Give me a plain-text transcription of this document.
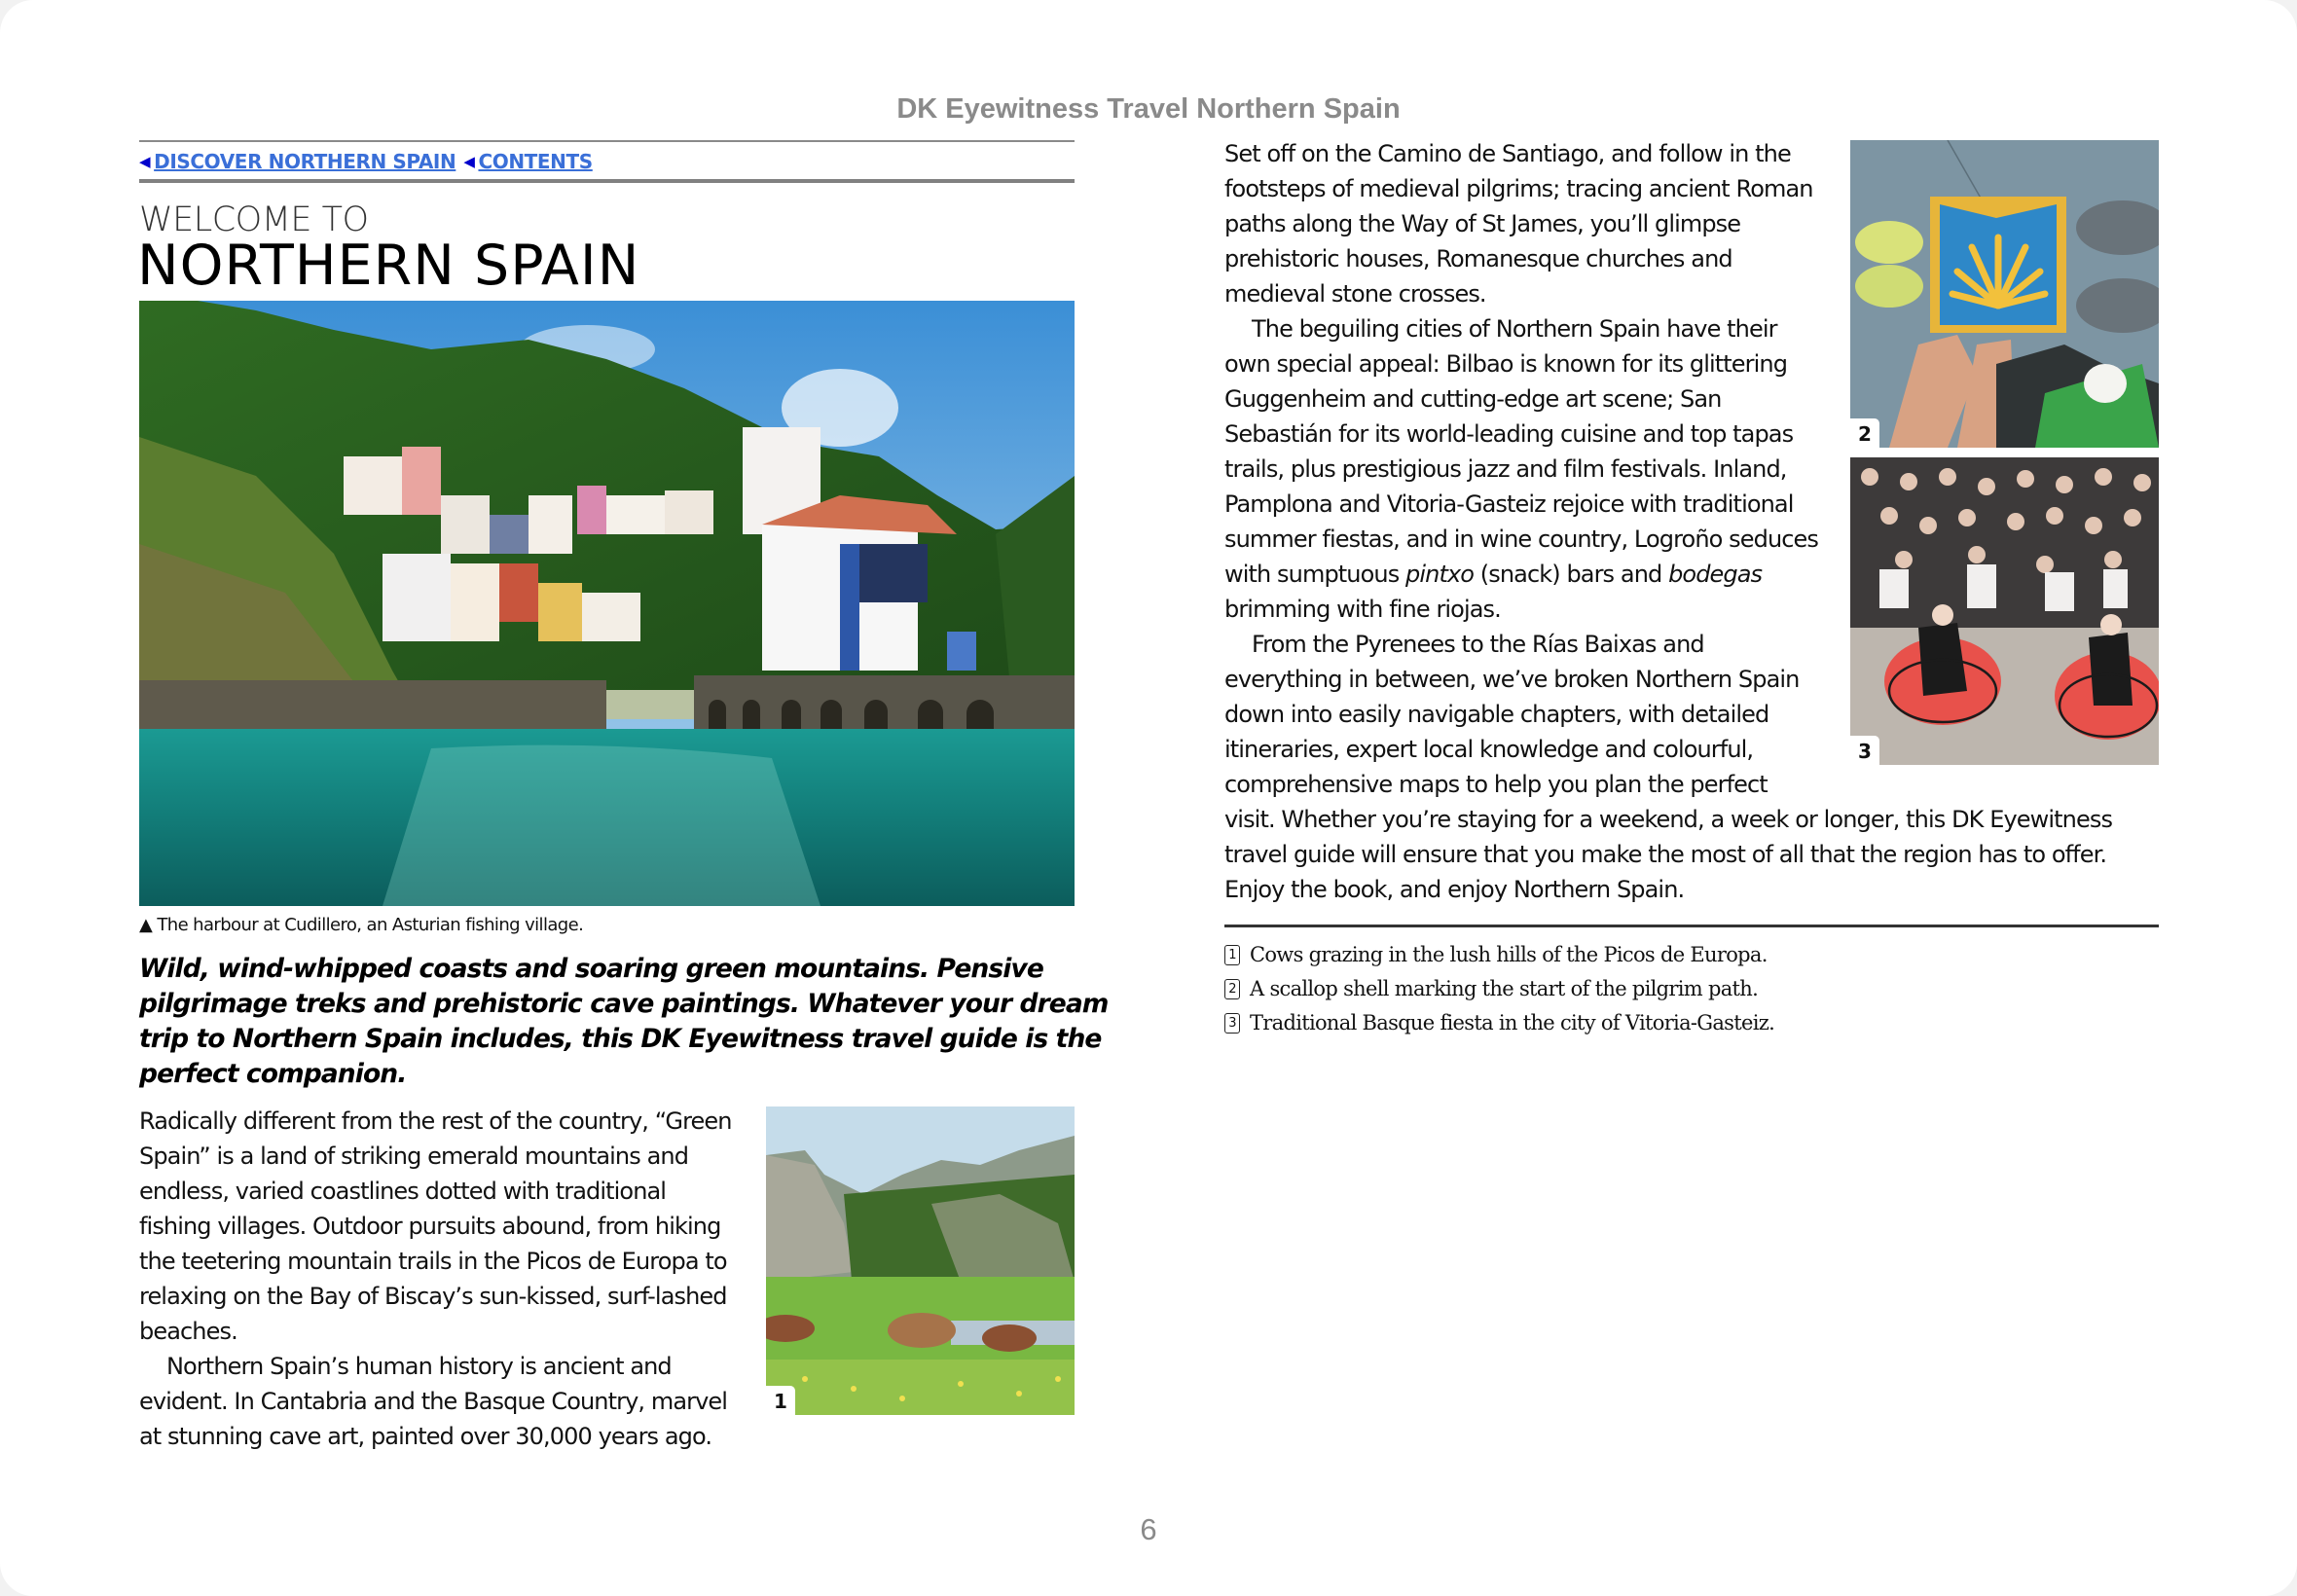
DK Eyewitness Travel Northern Spain
◀ DISCOVER NORTHERN SPAIN ◀ CONTENTS
WELCOME TO
NORTHERN SPAIN
▲ The harbour at Cudillero, an Asturian fishing village.
Wild, wind-whipped coasts and soaring green mountains. Pensive
pilgrimage treks and prehistoric cave paintings. Whatever your dream
trip to Northern Spain includes, this DK Eyewitness travel guide is the
perfect companion.
Radically different from the rest of the country, “Green
Spain” is a land of striking emerald mountains and
endless, varied coastlines dotted with traditional
fishing villages. Outdoor pursuits abound, from hiking
the teetering mountain trails in the Picos de Europa to
relaxing on the Bay of Biscay’s sun-kissed, surf-lashed
beaches.
Northern Spain’s human history is ancient and
evident. In Cantabria and the Basque Country, marvel
at stunning cave art, painted over 30,000 years ago.
1
Set off on the Camino de Santiago, and follow in the
footsteps of medieval pilgrims; tracing ancient Roman
paths along the Way of St James, you’ll glimpse
prehistoric houses, Romanesque churches and
medieval stone crosses.
The beguiling cities of Northern Spain have their
own special appeal: Bilbao is known for its glittering
Guggenheim and cutting-edge art scene; San
Sebastián for its world-leading cuisine and top tapas
trails, plus prestigious jazz and film festivals. Inland,
Pamplona and Vitoria-Gasteiz rejoice with traditional
summer fiestas, and in wine country, Logroño seduces
with sumptuous pintxo (snack) bars and bodegas
brimming with fine riojas.
From the Pyrenees to the Rías Baixas and
everything in between, we’ve broken Northern Spain
down into easily navigable chapters, with detailed
itineraries, expert local knowledge and colourful,
comprehensive maps to help you plan the perfect
visit. Whether you’re staying for a weekend, a week or longer, this DK Eyewitness
travel guide will ensure that you make the most of all that the region has to offer.
Enjoy the book, and enjoy Northern Spain.
2
3
1 Cows grazing in the lush hills of the Picos de Europa.
2 A scallop shell marking the start of the pilgrim path.
3 Traditional Basque fiesta in the city of Vitoria-Gasteiz.
6
